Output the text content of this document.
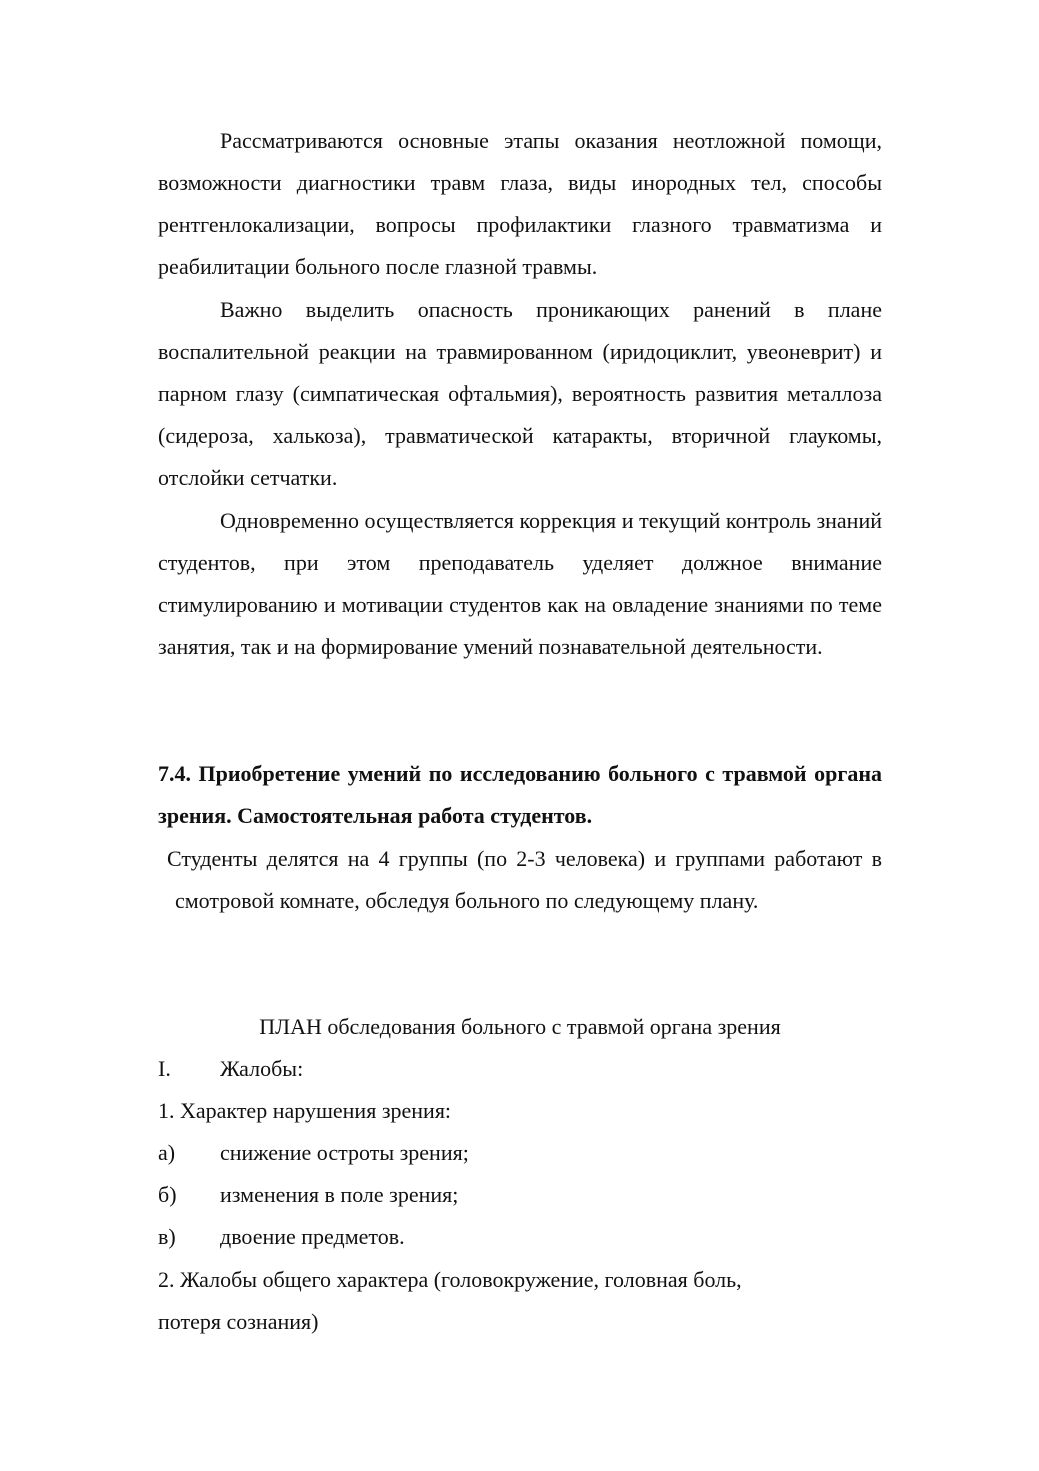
Рассматриваются основные этапы оказания неотложной помощи, возможности диагностики травм глаза, виды инородных тел, способы рентгенлокализации, вопросы профилактики глазного травматизма и реабилитации больного после глазной травмы.

Важно выделить опасность проникающих ранений в плане воспалительной реакции на травмированном (иридоциклит, увеоневрит) и парном глазу (симпатическая офтальмия), вероятность развития металлоза (сидероза, халькоза), травматической катаракты, вторичной глаукомы, отслойки сетчатки.

Одновременно осуществляется коррекция и текущий контроль знаний студентов, при этом преподаватель уделяет должное внимание стимулированию и мотивации студентов как на овладение знаниями по теме занятия, так и на формирование умений познавательной деятельности.

7.4. Приобретение умений по исследованию больного с травмой органа зрения. Самостоятельная работа студентов.

Студенты делятся на 4 группы (по 2-3 человека) и группами работают в смотровой комнате, обследуя больного по следующему плану.

ПЛАН обследования больного с травмой органа зрения

I. Жалобы:

1. Характер нарушения зрения:

а) снижение остроты зрения;

б) изменения в поле зрения;

в) двоение предметов.

2. Жалобы общего характера (головокружение, головная боль,

потеря сознания)
